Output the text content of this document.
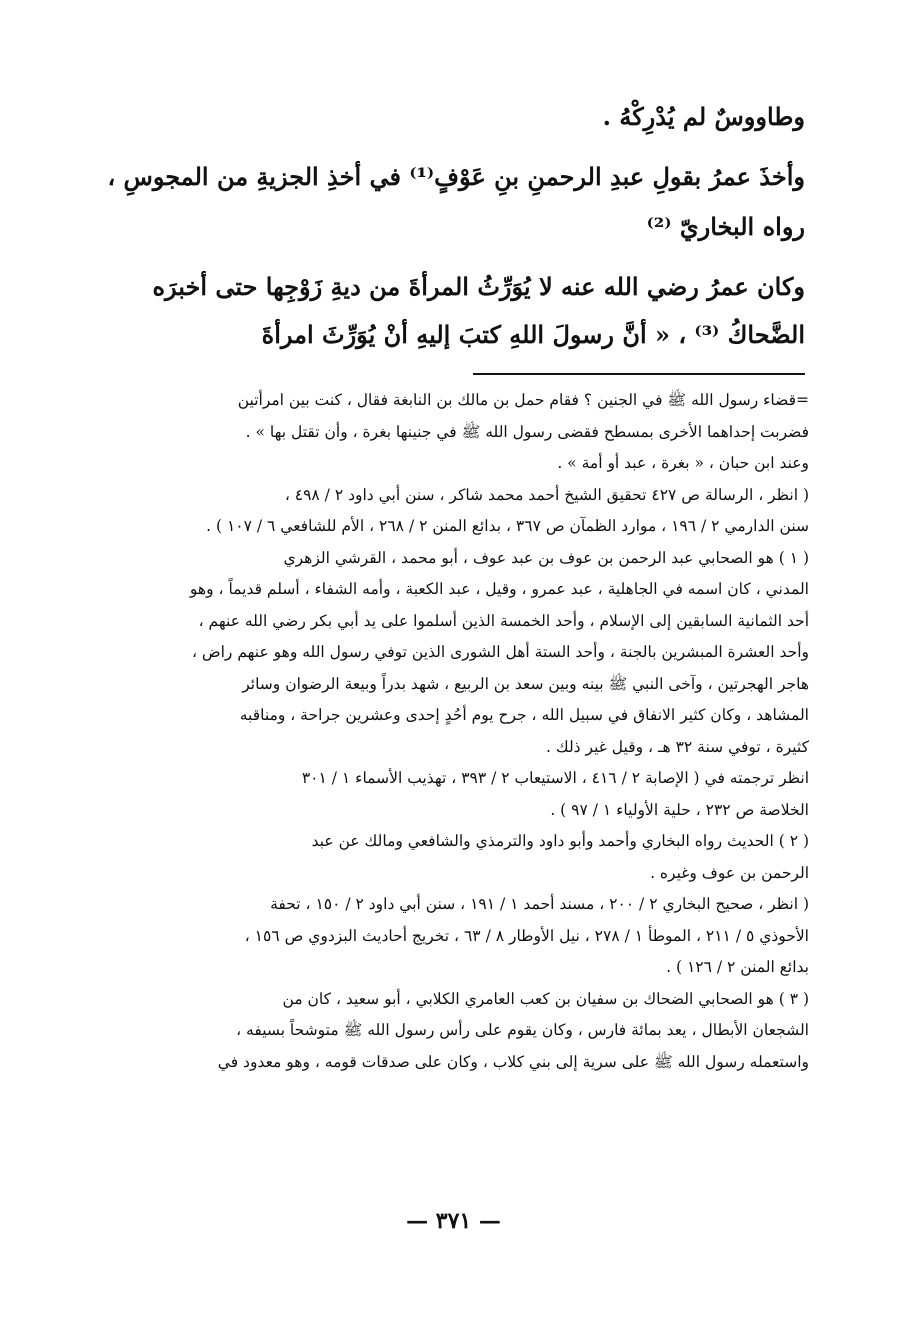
وطاووسٌ لم يُدْرِكْهُ .
وأخذَ عمرُ بقولِ عبدِ الرحمنِ بنِ عَوْفٍ⁽¹⁾ في أخذِ الجزيةِ من المجوسِ ،
رواه البخاريّ ⁽²⁾
وكان عمرُ رضي الله عنه لا يُوَرِّثُ المرأةَ من ديةِ زَوْجِها حتى أخبرَه
الضَّحاكُ ⁽³⁾ ، « أنَّ رسولَ اللهِ كتبَ إليهِ أنْ يُوَرِّثَ امرأةَ
=قضاء رسول الله ﷺ في الجنين ؟ فقام حمل بن مالك بن النابغة فقال ، كنت بين امرأتين
فضربت إحداهما الأخرى بمسطح فقضى رسول الله ﷺ في جنينها بغرة ، وأن تقتل بها » .
وعند ابن حبان ، « بغرة ، عبد أو أمة » .
( انظر ، الرسالة ص ٤٢٧ تحقيق الشيخ أحمد محمد شاكر ، سنن أبي داود ٢ / ٤٩٨ ،
سنن الدارمي ٢ / ١٩٦ ، موارد الظمآن ص ٣٦٧ ، بدائع المنن ٢ / ٢٦٨ ، الأم للشافعي ٦ / ١٠٧ ) .
( ١ ) هو الصحابي عبد الرحمن بن عوف بن عبد عوف ، أبو محمد ، القرشي الزهري
المدني ، كان اسمه في الجاهلية ، عبد عمرو ، وقيل ، عبد الكعبة ، وأمه الشفاء ، أسلم قديماً ، وهو
أحد الثمانية السابقين إلى الإسلام ، وأحد الخمسة الذين أسلموا على يد أبي بكر رضي الله عنهم ،
وأحد العشرة المبشرين بالجنة ، وأحد الستة أهل الشورى الذين توفي رسول الله وهو عنهم راض ،
هاجر الهجرتين ، وآخى النبي ﷺ بينه وبين سعد بن الربيع ، شهد بدراً وبيعة الرضوان وسائر
المشاهد ، وكان كثير الانفاق في سبيل الله ، جرح يوم أحُدٍ إحدى وعشرين جراحة ، ومناقبه
كثيرة ، توفي سنة ٣٢ هـ ، وقيل غير ذلك .
انظر ترجمته في ( الإصابة ٢ / ٤١٦ ، الاستيعاب ٢ / ٣٩٣ ، تهذيب الأسماء ١ / ٣٠١
الخلاصة ص ٢٣٢ ، حلية الأولياء ١ / ٩٧ ) .
( ٢ ) الحديث رواه البخاري وأحمد وأبو داود والترمذي والشافعي ومالك عن عبد
الرحمن بن عوف وغيره .
( انظر ، صحيح البخاري ٢ / ٢٠٠ ، مسند أحمد ١ / ١٩١ ، سنن أبي داود ٢ / ١٥٠ ، تحفة
الأحوذي ٥ / ٢١١ ، الموطأ ١ / ٢٧٨ ، نيل الأوطار ٨ / ٦٣ ، تخريج أحاديث البزدوي ص ١٥٦ ،
بدائع المنن ٢ / ١٢٦ ) .
( ٣ ) هو الصحابي الضحاك بن سفيان بن كعب العامري الكلابي ، أبو سعيد ، كان من
الشجعان الأبطال ، يعد بمائة فارس ، وكان يقوم على رأس رسول الله ﷺ متوشحاً بسيفه ،
واستعمله رسول الله ﷺ على سرية إلى بني كلاب ، وكان على صدقات قومه ، وهو معدود في
— ٣٧١ —
